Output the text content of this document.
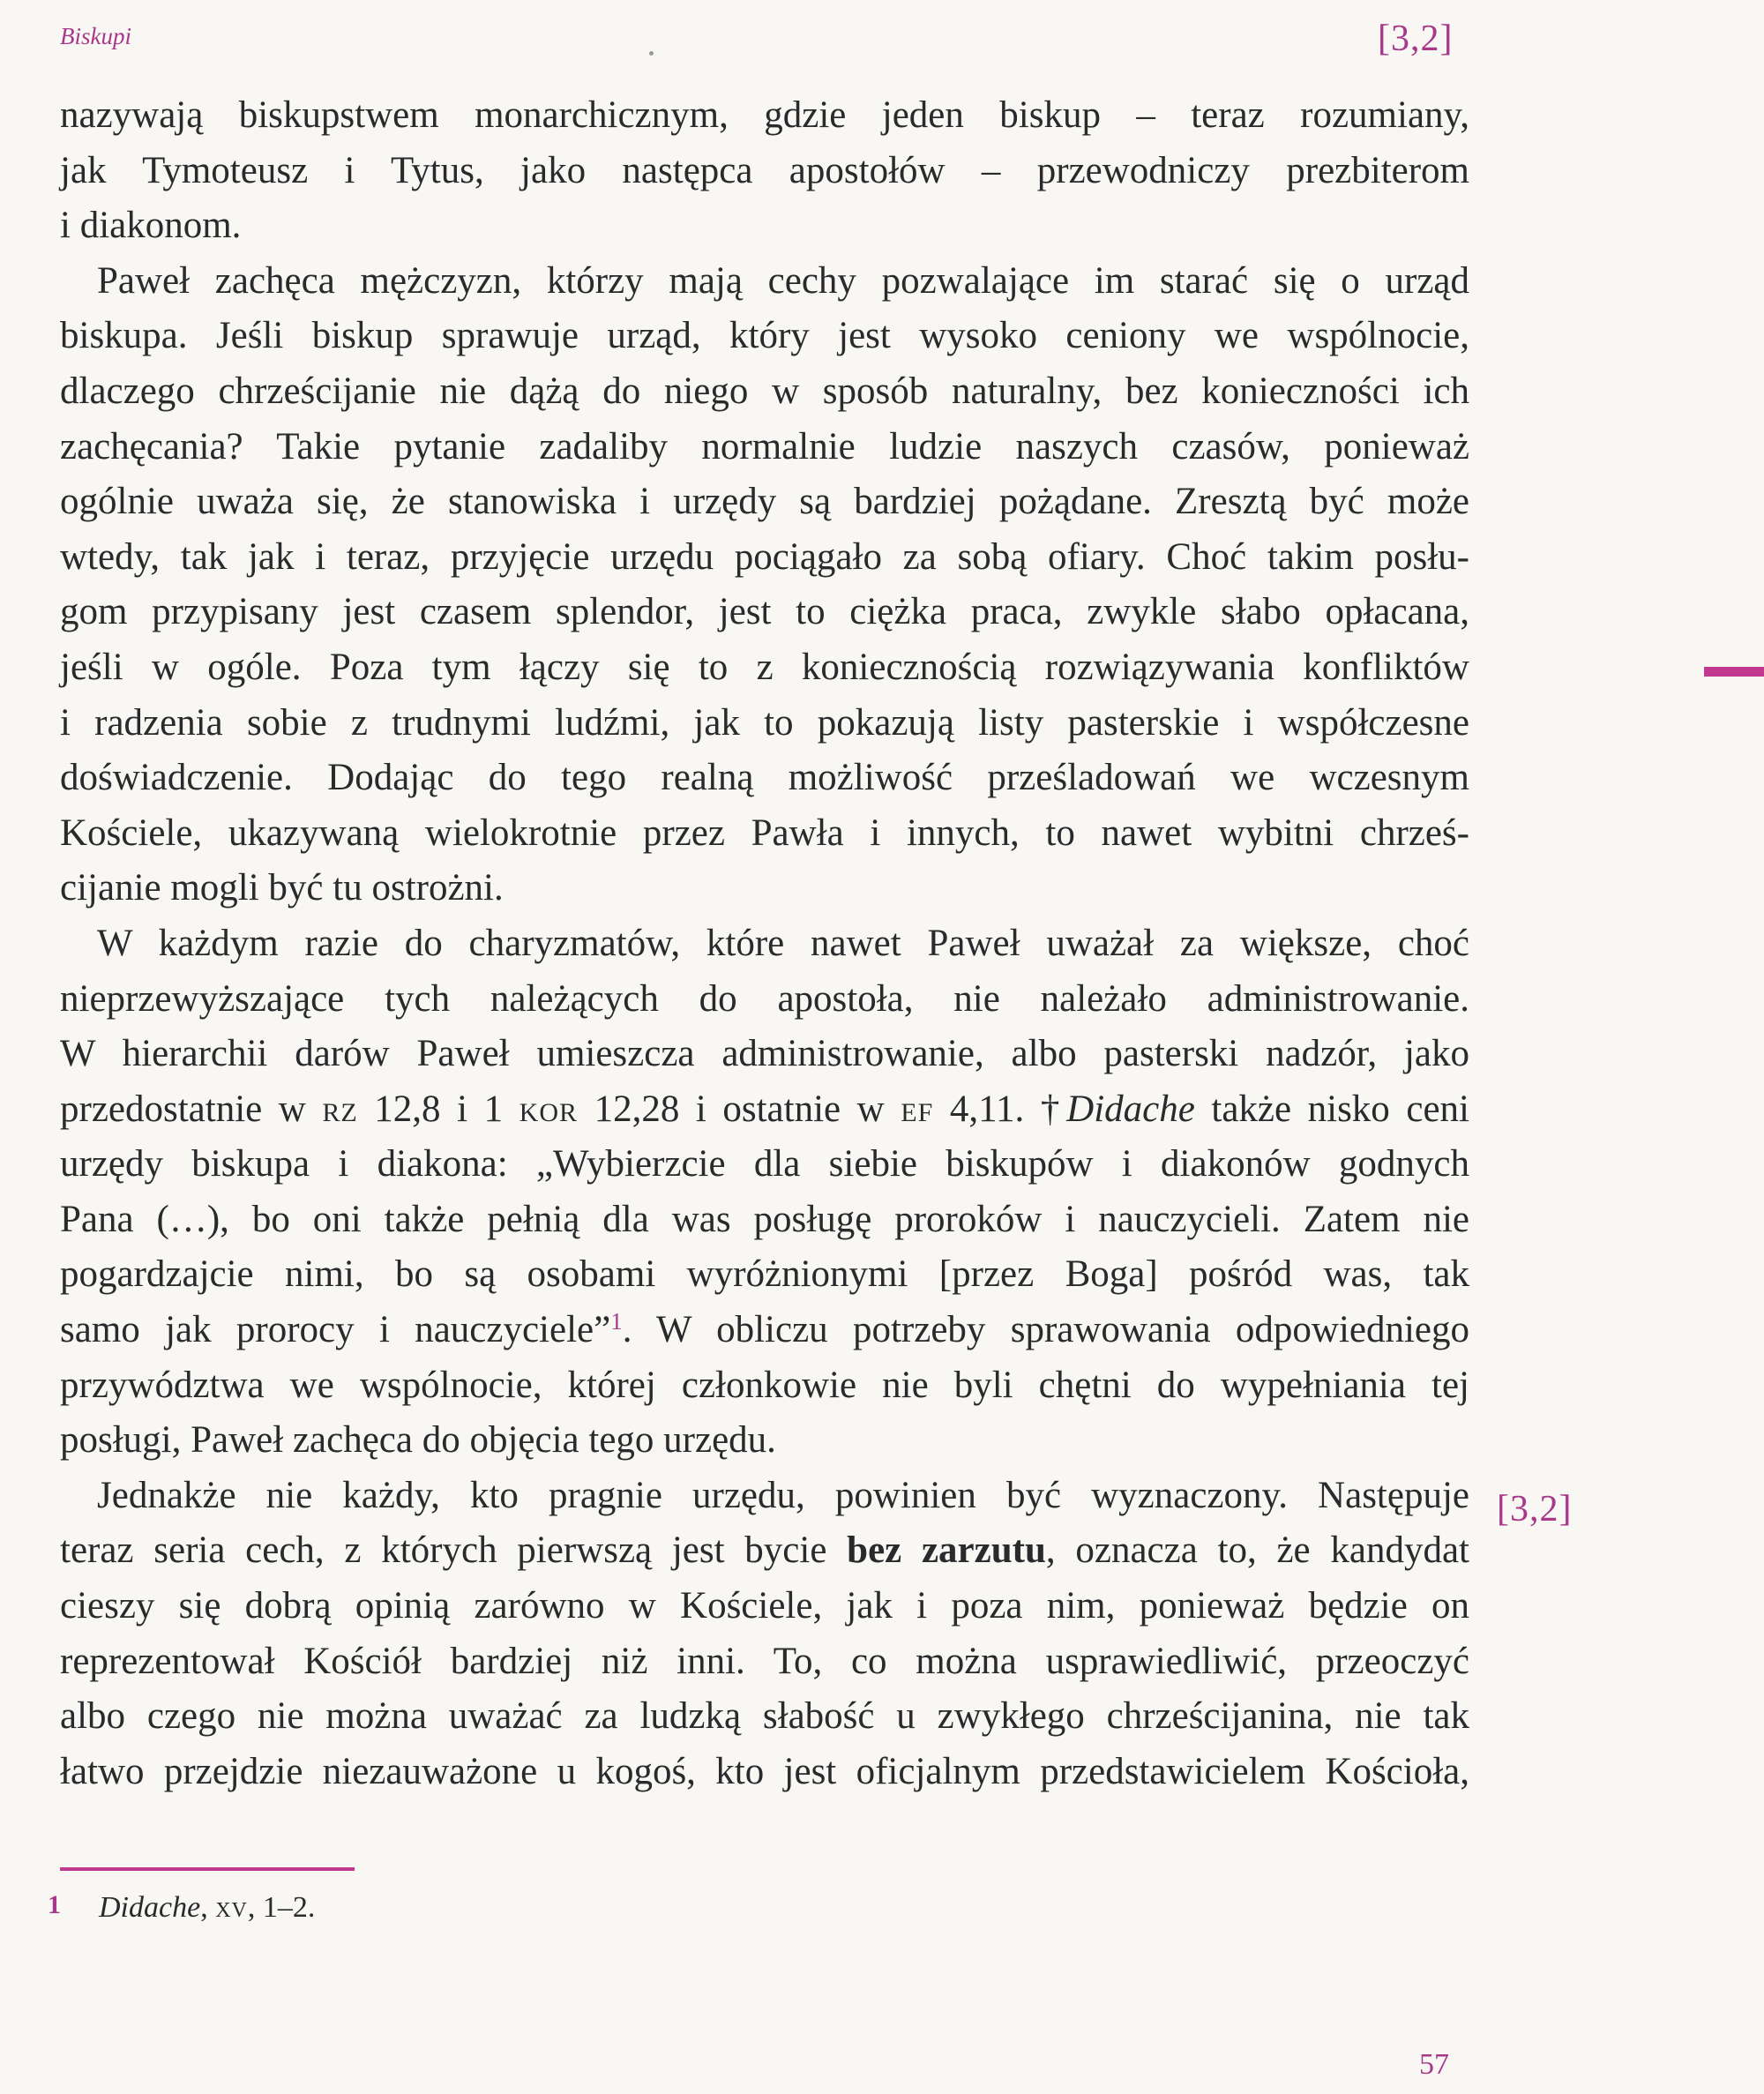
Biskupi	[3,2]
[3,2]
nazywają biskupstwem monarchicznym, gdzie jeden biskup – teraz rozumiany,
jak Tymoteusz i Tytus, jako następca apostołów – przewodniczy prezbiterom
i diakonom.
Paweł zachęca mężczyzn, którzy mają cechy pozwalające im starać się o urząd
biskupa. Jeśli biskup sprawuje urząd, który jest wysoko ceniony we wspólnocie,
dlaczego chrześcijanie nie dążą do niego w sposób naturalny, bez konieczności ich
zachęcania? Takie pytanie zadaliby normalnie ludzie naszych czasów, ponieważ
ogólnie uważa się, że stanowiska i urzędy są bardziej pożądane. Zresztą być może
wtedy, tak jak i teraz, przyjęcie urzędu pociągało za sobą ofiary. Choć takim posłu-
gom przypisany jest czasem splendor, jest to ciężka praca, zwykle słabo opłacana,
jeśli w ogóle. Poza tym łączy się to z koniecznością rozwiązywania konfliktów
i radzenia sobie z trudnymi ludźmi, jak to pokazują listy pasterskie i współczesne
doświadczenie. Dodając do tego realną możliwość prześladowań we wczesnym
Kościele, ukazywaną wielokrotnie przez Pawła i innych, to nawet wybitni chrześ-
cijanie mogli być tu ostrożni.
W każdym razie do charyzmatów, które nawet Paweł uważał za większe, choć
nieprzewyższające tych należących do apostoła, nie należało administrowanie.
W hierarchii darów Paweł umieszcza administrowanie, albo pasterski nadzór, jako
przedostatnie w rz 12,8 i 1 kor 12,28 i ostatnie w ef 4,11. †Didache także nisko ceni
urzędy biskupa i diakona: „Wybierzcie dla siebie biskupów i diakonów godnych
Pana (…), bo oni także pełnią dla was posługę proroków i nauczycieli. Zatem nie
pogardzajcie nimi, bo są osobami wyróżnionymi [przez Boga] pośród was, tak
samo jak prorocy i nauczyciele”$^1$. W obliczu potrzeby sprawowania odpowiedniego
przywództwa we wspólnocie, której członkowie nie byli chętni do wypełniania tej
posługi, Paweł zachęca do objęcia tego urzędu.
Jednakże nie każdy, kto pragnie urzędu, powinien być wyznaczony. Następuje
teraz seria cech, z których pierwszą jest bycie bez zarzutu, oznacza to, że kandydat
cieszy się dobrą opinią zarówno w Kościele, jak i poza nim, ponieważ będzie on
reprezentował Kościół bardziej niż inni. To, co można usprawiedliwić, przeoczyć
albo czego nie można uważać za ludzką słabość u zwykłego chrześcijanina, nie tak
łatwo przejdzie niezauważone u kogoś, kto jest oficjalnym przedstawicielem Kościoła,
1 Didache, xv, 1–2.
57
